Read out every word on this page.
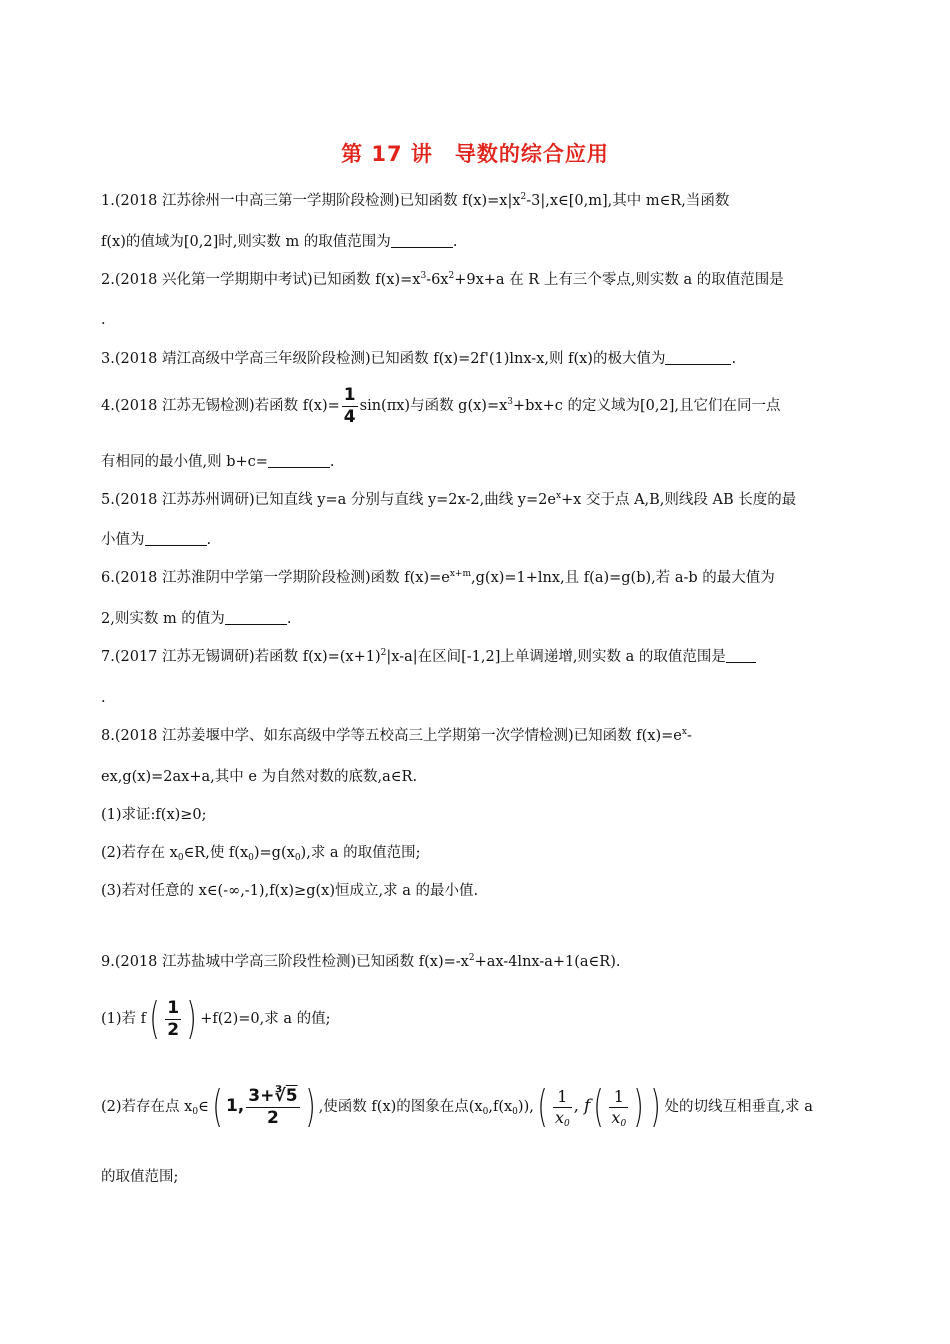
第 17 讲　导数的综合应用
1.(2018 江苏徐州一中高三第一学期阶段检测)已知函数 $f(x)=x|x^2-3|,x\in[0,m]$,其中 m∈R,当函数
f(x)的值域为[0,2]时,则实数 m 的取值范围为	.
2.(2018 兴化第一学期期中考试)已知函数 $f(x)=x^3-6x^2+9x+a$ 在 R 上有三个零点,则实数 a 的取值范围是
.
3.(2018 靖江高级中学高三年级阶段检测)已知函数 f(x)=2f'(1)lnx-x,则 f(x)的极大值为	.
4.(2018 江苏无锡检测)若函数 $f(x)= \frac{1}{4} \sin(\pi x)$与函数 $g(x)=x^3+bx+c$ 的定义域为[0,2],且它们在同一点
有相同的最小值,则 b+c=	.
5.(2018 江苏苏州调研)已知直线 y=a 分别与直线 y=2x-2,曲线 $y=2e^x+x$ 交于点 A,B,则线段 AB 长度的最
小值为	.
6.(2018 江苏淮阴中学第一学期阶段检测)函数 $f(x)=e^{x+m},g(x)=1+\ln x$,且 f(a)=g(b),若 a-b 的最大值为
2,则实数 m 的值为	.
7.(2017 江苏无锡调研)若函数 $f(x)=(x+1)^2|x-a|$在区间[-1,2]上单调递增,则实数 a 的取值范围是
.
8.(2018 江苏姜堰中学、如东高级中学等五校高三上学期第一次学情检测)已知函数 $f(x)=e^x-$
ex,g(x)=2ax+a,其中 e 为自然对数的底数,a∈R.
(1)求证:f(x)≥0;
(2)若存在 $x_0\in R$,使 $f(x_0)=g(x_0)$,求 a 的取值范围;
(3)若对任意的 x∈(-∞,-1),f(x)≥g(x)恒成立,求 a 的最小值.
9.(2018 江苏盐城中学高三阶段性检测)已知函数 $f(x)=-x^2+ax-4\ln x-a+1(a\in R)$.
(1)若 $f( \frac{1}{2}$ ) +f(2)=0,求 a 的值;
(2)若存在点 $x_0\in$( 1, $\frac{3+∛5}{2}$ ) ,使函数 f(x)的图象在点$(x_0,f(x_0)),( \frac{1}{x_0}$ , $f( \frac{1}{x_0}$ ) ) 处的切线互相垂直,求 a
的取值范围;
